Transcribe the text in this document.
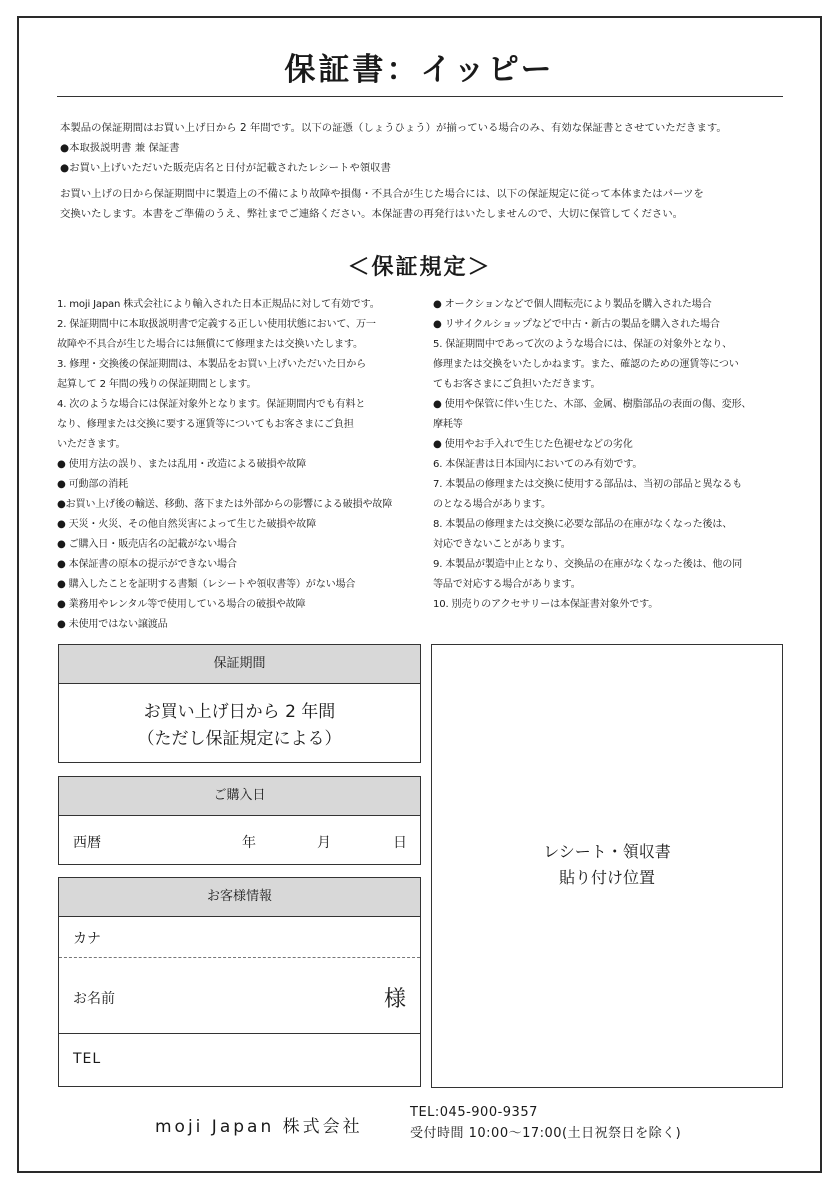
保証書：イッピー

本製品の保証期間はお買い上げ日から 2 年間です。以下の証憑（しょうひょう）が揃っている場合のみ、有効な保証書とさせていただきます。

●本取扱説明書 兼 保証書

●お買い上げいただいた販売店名と日付が記載されたレシートや領収書

お買い上げの日から保証期間中に製造上の不備により故障や損傷・不具合が生じた場合には、以下の保証規定に従って本体またはパーツを

交換いたします。本書をご準備のうえ、弊社までご連絡ください。本保証書の再発行はいたしませんので、大切に保管してください。

＜保証規定＞

1. moji Japan 株式会社により輸入された日本正規品に対して有効です。

2. 保証期間中に本取扱説明書で定義する正しい使用状態において、万一

故障や不具合が生じた場合には無償にて修理または交換いたします。

3. 修理・交換後の保証期間は、本製品をお買い上げいただいた日から

起算して 2 年間の残りの保証期間とします。

4. 次のような場合には保証対象外となります。保証期間内でも有料と

なり、修理または交換に要する運賃等についてもお客さまにご負担

いただきます。

● 使用方法の誤り、または乱用・改造による破損や故障

● 可動部の消耗

●お買い上げ後の輸送、移動、落下または外部からの影響による破損や故障

● 天災・火災、その他自然災害によって生じた破損や故障

● ご購入日・販売店名の記載がない場合

● 本保証書の原本の提示ができない場合

● 購入したことを証明する書類（レシートや領収書等）がない場合

● 業務用やレンタル等で使用している場合の破損や故障

● 未使用ではない譲渡品

● オークションなどで個人間転売により製品を購入された場合

● リサイクルショップなどで中古・新古の製品を購入された場合

5. 保証期間中であって次のような場合には、保証の対象外となり、

修理または交換をいたしかねます。また、確認のための運賃等につい

てもお客さまにご負担いただきます。

● 使用や保管に伴い生じた、木部、金属、樹脂部品の表面の傷、変形、

摩耗等

● 使用やお手入れで生じた色褪せなどの劣化

6. 本保証書は日本国内においてのみ有効です。

7. 本製品の修理または交換に使用する部品は、当初の部品と異なるも

のとなる場合があります。

8. 本製品の修理または交換に必要な部品の在庫がなくなった後は、

対応できないことがあります。

9. 本製品が製造中止となり、交換品の在庫がなくなった後は、他の同

等品で対応する場合があります。

10. 別売りのアクセサリーは本保証書対象外です。

保証期間
お買い上げ日から 2 年間
（ただし保証規定による）
ご購入日
西暦	年	月	日
お客様情報
カナ
お名前	様
TEL
レシート・領収書
貼り付け位置
moji Japan 株式会社

TEL:045-900-9357

受付時間 10:00〜17:00(土日祝祭日を除く)
